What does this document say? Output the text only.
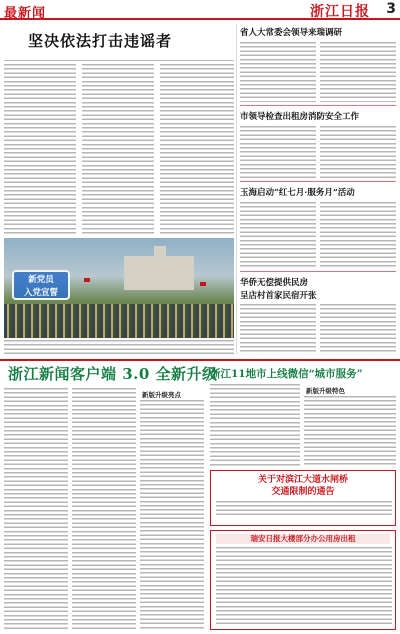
最新闻	浙江日报 3
坚决依法打击违谣者
新党员
入党宣誓
省人大常委会领导来瑞调研
市领导检查出租房消防安全工作
玉海启动“红七月·服务月”活动
华侨无偿提供民房
呈店村首家民宿开张
浙江新闻客户端 3.0 全新升级
浙江11地市上线微信“城市服务”
新版升级亮点	新版升级特色
关于对滨江大道水闸桥
交通限制的通告
瑞安日报大楼部分办公用房出租
